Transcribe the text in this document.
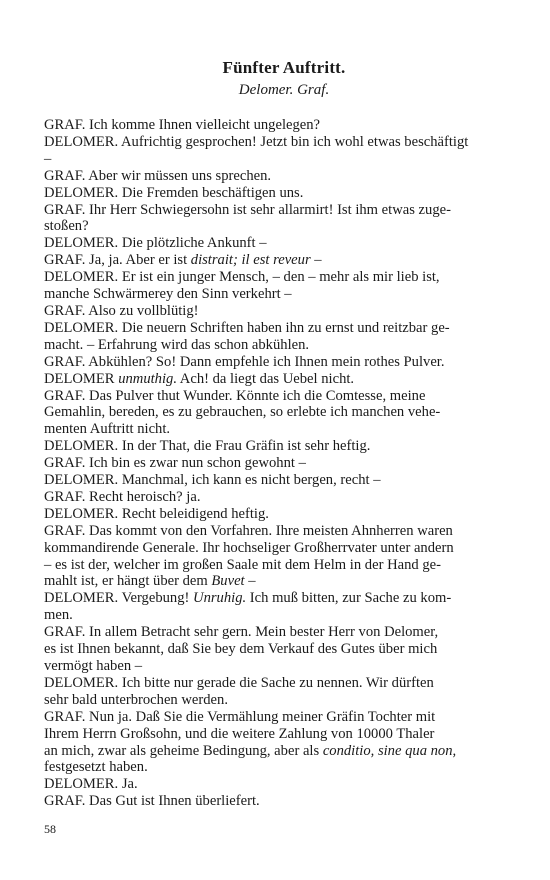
Fünfter Auftritt.
Delomer. Graf.
GRAF. Ich komme Ihnen vielleicht ungelegen?
DELOMER. Aufrichtig gesprochen! Jetzt bin ich wohl etwas beschäftigt
–
GRAF. Aber wir müssen uns sprechen.
DELOMER. Die Fremden beschäftigen uns.
GRAF. Ihr Herr Schwiegersohn ist sehr allarmirt! Ist ihm etwas zuge-
stoßen?
DELOMER. Die plötzliche Ankunft –
GRAF. Ja, ja. Aber er ist distrait; il est reveur –
DELOMER. Er ist ein junger Mensch, – den – mehr als mir lieb ist,
manche Schwärmerey den Sinn verkehrt –
GRAF. Also zu vollblütig!
DELOMER. Die neuern Schriften haben ihn zu ernst und reitzbar ge-
macht. – Erfahrung wird das schon abkühlen.
GRAF. Abkühlen? So! Dann empfehle ich Ihnen mein rothes Pulver.
DELOMER unmuthig. Ach! da liegt das Uebel nicht.
GRAF. Das Pulver thut Wunder. Könnte ich die Comtesse, meine
Gemahlin, bereden, es zu gebrauchen, so erlebte ich manchen vehe-
menten Auftritt nicht.
DELOMER. In der That, die Frau Gräfin ist sehr heftig.
GRAF. Ich bin es zwar nun schon gewohnt –
DELOMER. Manchmal, ich kann es nicht bergen, recht –
GRAF. Recht heroisch? ja.
DELOMER. Recht beleidigend heftig.
GRAF. Das kommt von den Vorfahren. Ihre meisten Ahnherren waren
kommandirende Generale. Ihr hochseliger Großherrvater unter andern
– es ist der, welcher im großen Saale mit dem Helm in der Hand ge-
mahlt ist, er hängt über dem Buvet –
DELOMER. Vergebung! Unruhig. Ich muß bitten, zur Sache zu kom-
men.
GRAF. In allem Betracht sehr gern. Mein bester Herr von Delomer,
es ist Ihnen bekannt, daß Sie bey dem Verkauf des Gutes über mich
vermögt haben –
DELOMER. Ich bitte nur gerade die Sache zu nennen. Wir dürften
sehr bald unterbrochen werden.
GRAF. Nun ja. Daß Sie die Vermählung meiner Gräfin Tochter mit
Ihrem Herrn Großsohn, und die weitere Zahlung von 10000 Thaler
an mich, zwar als geheime Bedingung, aber als conditio, sine qua non,
festgesetzt haben.
DELOMER. Ja.
GRAF. Das Gut ist Ihnen überliefert.
58
